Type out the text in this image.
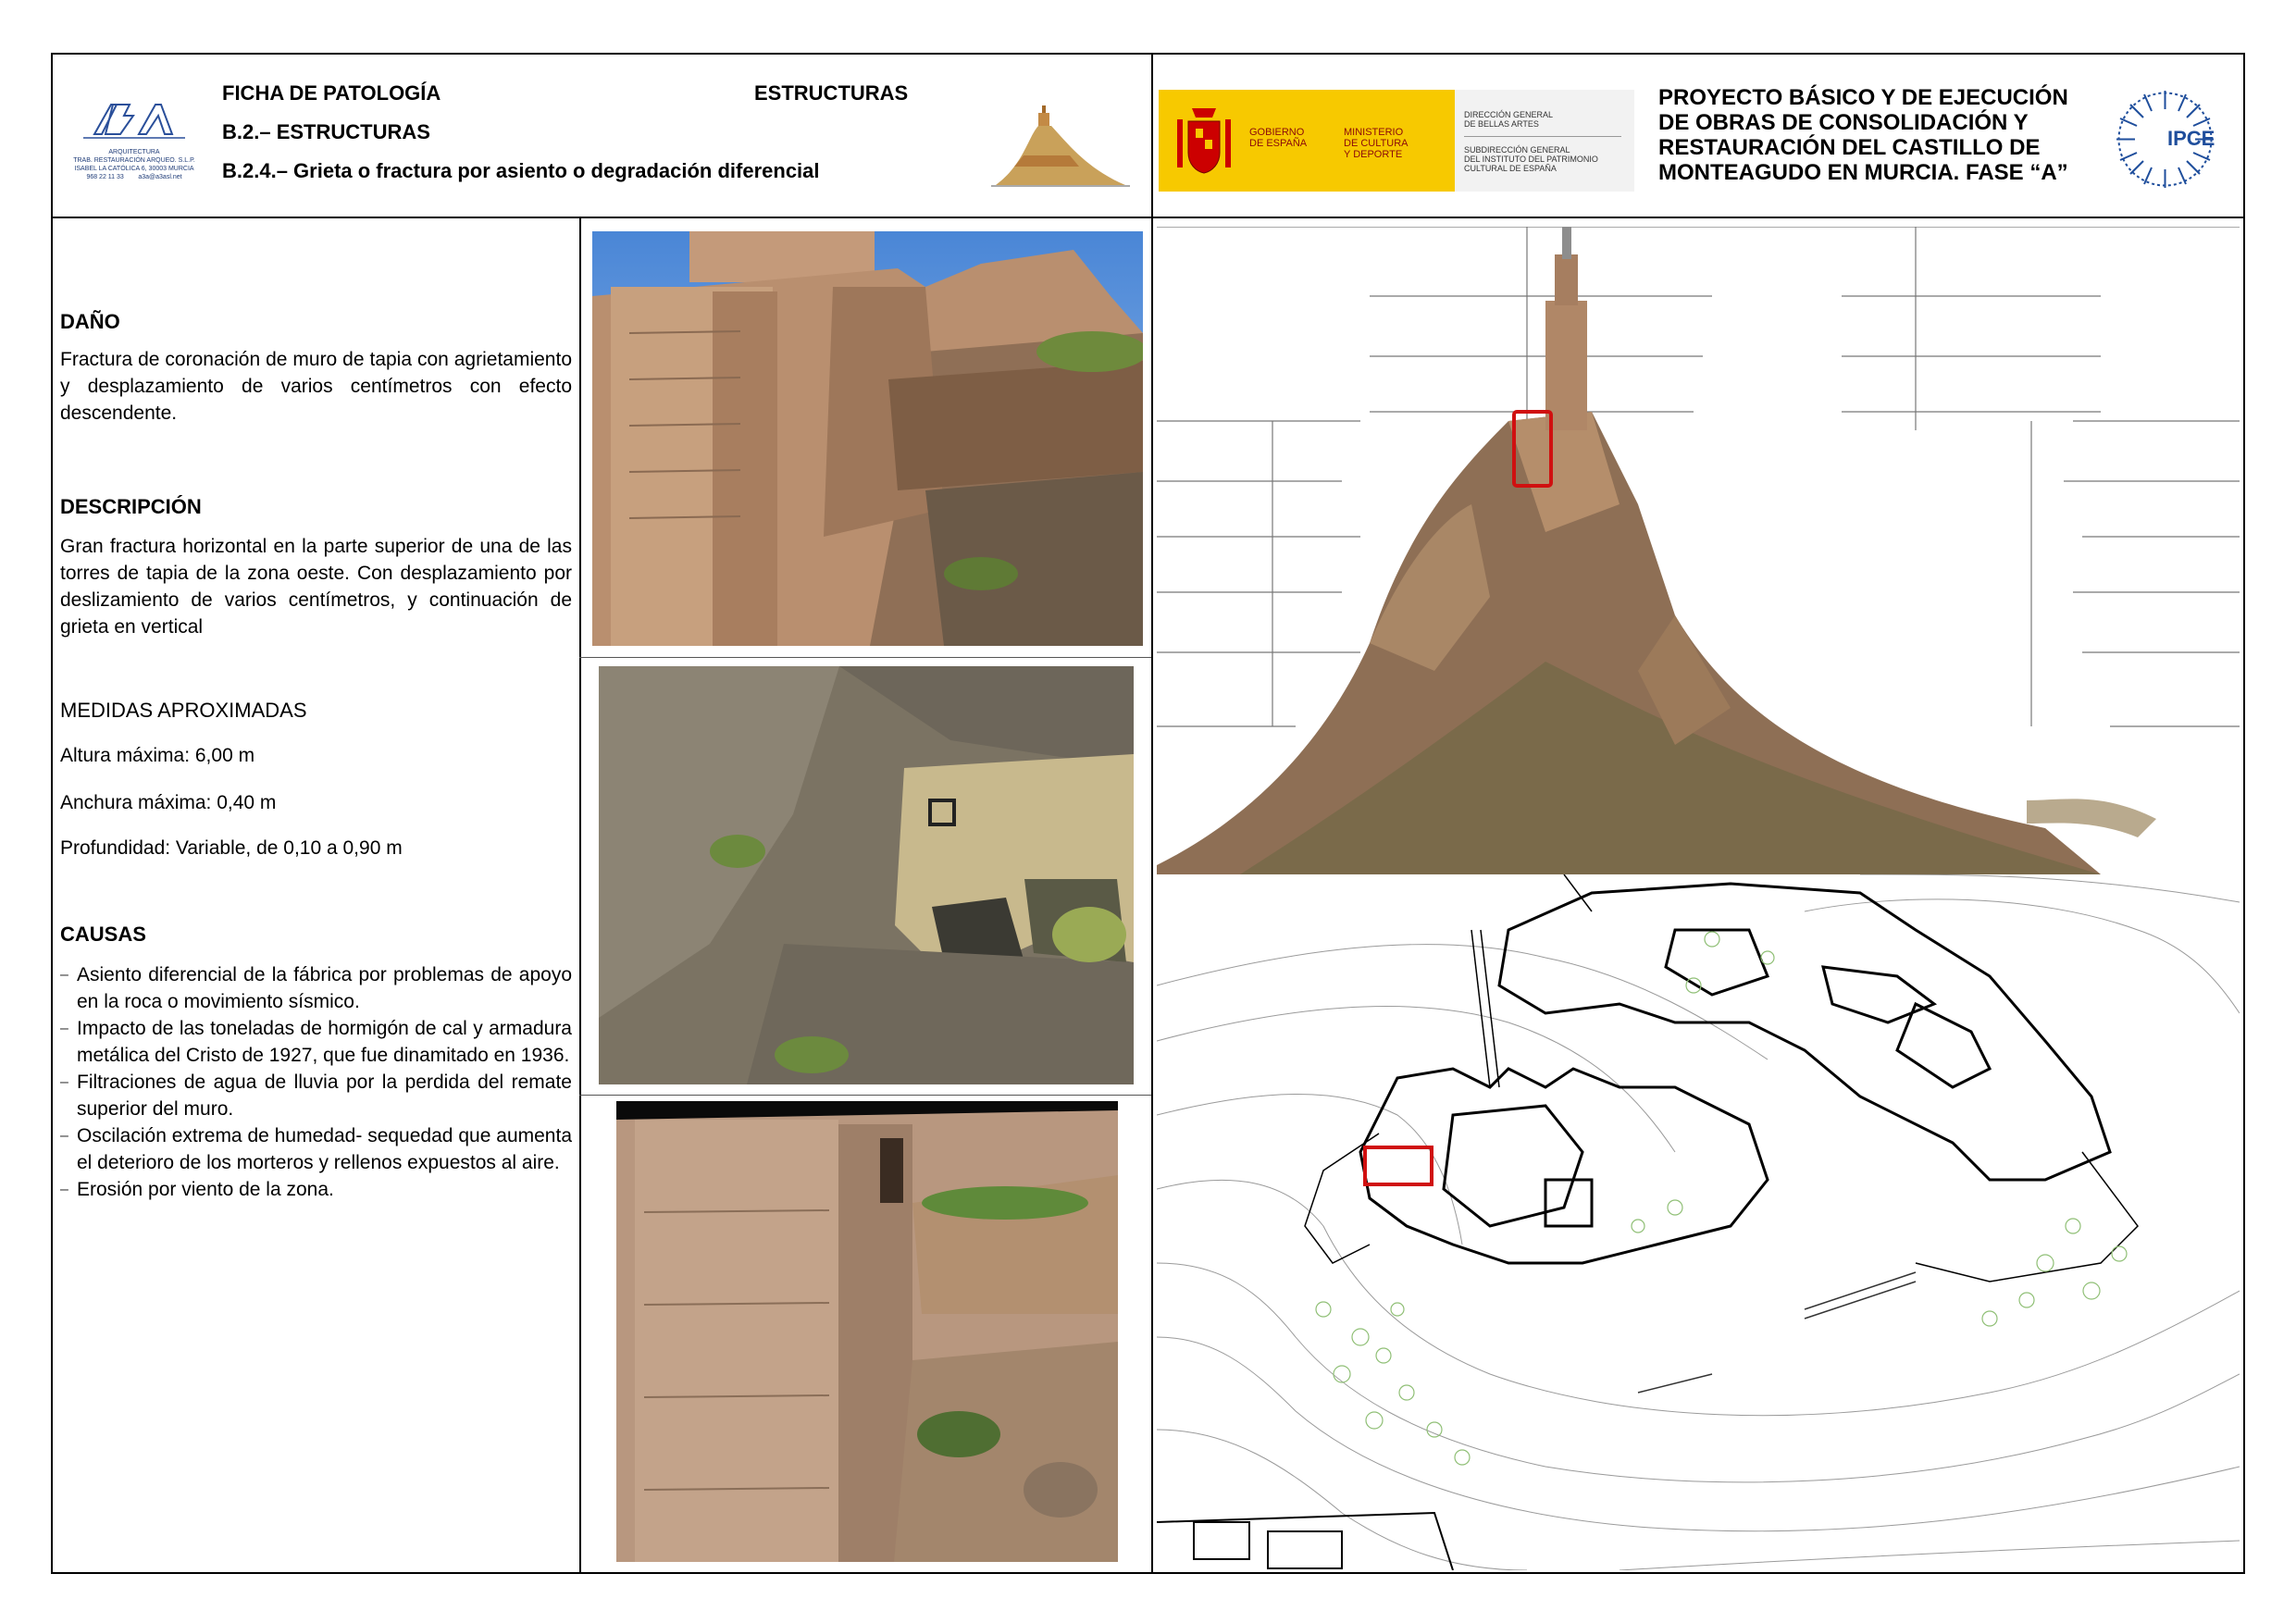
ARQUITECTURA
TRAB. RESTAURACIÓN ARQUEO. S.L.P.
ISABEL LA CATÓLICA 6, 30003 MURCIA
968 22 11 33        a3a@a3asl.net
FICHA DE PATOLOGÍA	ESTRUCTURAS
B.2.– ESTRUCTURAS
B.2.4.– Grieta o fractura por asiento o degradación diferencial
GOBIERNO
DE ESPAÑA
MINISTERIO
DE CULTURA
Y DEPORTE
DIRECCIÓN GENERAL
DE BELLAS ARTES
SUBDIRECCIÓN GENERAL
DEL INSTITUTO DEL PATRIMONIO
CULTURAL DE ESPAÑA
PROYECTO BÁSICO Y DE EJECUCIÓN DE OBRAS DE CONSOLIDACIÓN Y RESTAURACIÓN DEL CASTILLO DE MONTEAGUDO EN MURCIA. FASE “A”
IPCE
DAÑO
Fractura de coronación de muro de tapia con agrietamiento y desplazamiento de varios centímetros con efecto descendente.
DESCRIPCIÓN
Gran fractura horizontal en la parte superior de una de las torres de tapia de la zona oeste. Con desplazamiento por deslizamiento de varios centímetros, y continuación de grieta en vertical
MEDIDAS APROXIMADAS
Altura máxima: 6,00 m
Anchura máxima: 0,40 m
Profundidad: Variable, de 0,10 a 0,90 m
CAUSAS
– Asiento diferencial de la fábrica por problemas de apoyo en la roca o movimiento sísmico.
– Impacto de las toneladas de hormigón de cal y armadura metálica del Cristo de 1927, que fue dinamitado en 1936.
– Filtraciones de agua de lluvia por la perdida del remate superior del muro.
– Oscilación extrema de humedad- sequedad que aumenta el deterioro de los morteros y rellenos expuestos al aire.
– Erosión por viento de la zona.
